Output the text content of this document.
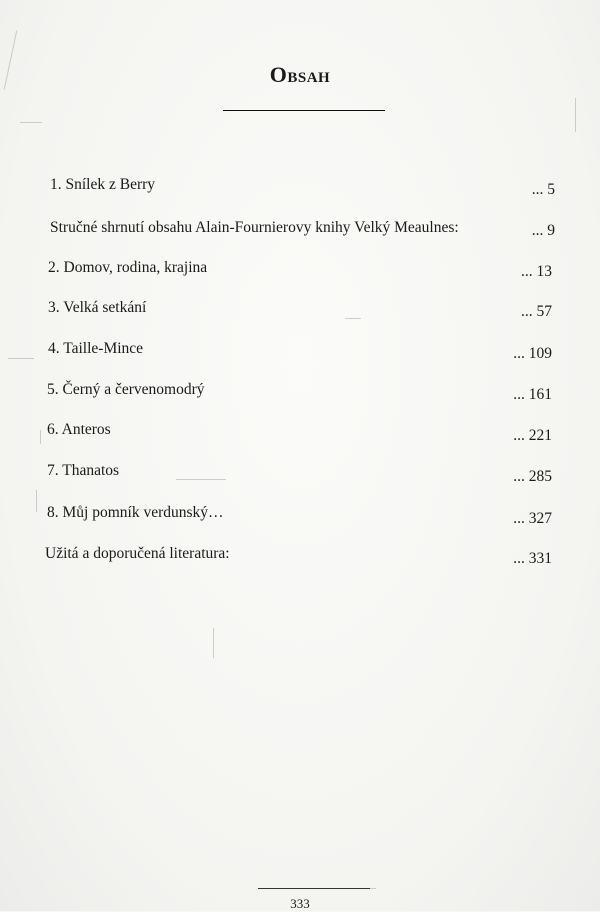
Obsah
1. Snílek z Berry	... 5
Stručné shrnutí obsahu Alain-Fournierovy knihy Velký Meaulnes:	... 9
2. Domov, rodina, krajina	... 13
3. Velká setkání	... 57
4. Taille-Mince	... 109
5. Černý a červenomodrý	... 161
6. Anteros	... 221
7. Thanatos	... 285
8. Můj pomník verdunský…	... 327
Užitá a doporučená literatura:	... 331
333
